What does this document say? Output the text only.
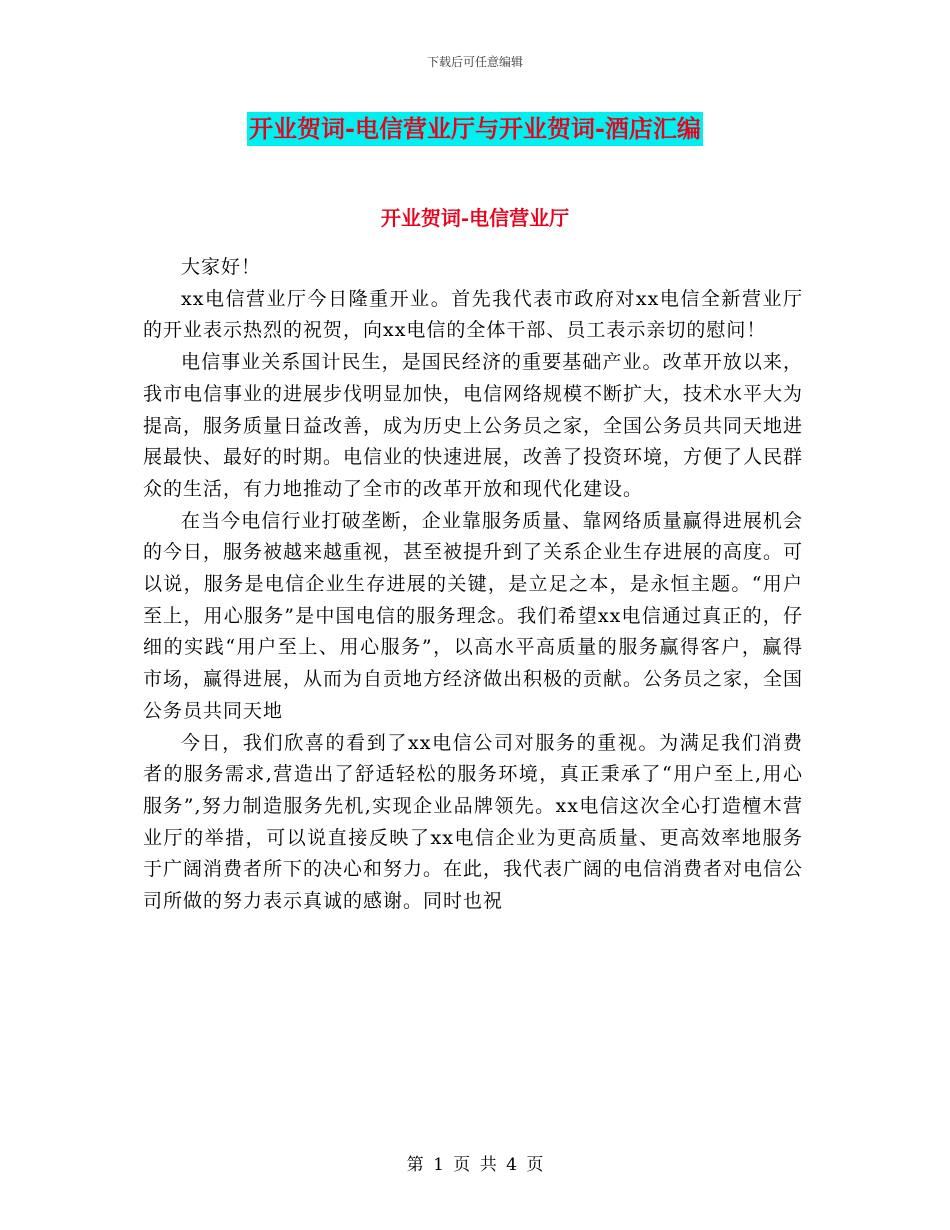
下载后可任意编辑
开业贺词-电信营业厅与开业贺词-酒店汇编
开业贺词-电信营业厅

大家好！

xx电信营业厅今日隆重开业。首先我代表市政府对xx电信全新营业厅的开业表示热烈的祝贺，向xx电信的全体干部、员工表示亲切的慰问！

电信事业关系国计民生，是国民经济的重要基础产业。改革开放以来，我市电信事业的进展步伐明显加快，电信网络规模不断扩大，技术水平大为提高，服务质量日益改善，成为历史上公务员之家，全国公务员共同天地进展最快、最好的时期。电信业的快速进展，改善了投资环境，方便了人民群众的生活，有力地推动了全市的改革开放和现代化建设。

在当今电信行业打破垄断，企业靠服务质量、靠网络质量赢得进展机会的今日，服务被越来越重视，甚至被提升到了关系企业生存进展的高度。可以说，服务是电信企业生存进展的关键，是立足之本，是永恒主题。“用户至上，用心服务”是中国电信的服务理念。我们希望xx电信通过真正的，仔细的实践“用户至上、用心服务”，以高水平高质量的服务赢得客户，赢得市场，赢得进展，从而为自贡地方经济做出积极的贡献。公务员之家，全国公务员共同天地

今日，我们欣喜的看到了xx电信公司对服务的重视。为满足我们消费者的服务需求,营造出了舒适轻松的服务环境，真正秉承了“用户至上,用心服务”,努力制造服务先机,实现企业品牌领先。xx电信这次全心打造檀木营业厅的举措，可以说直接反映了xx电信企业为更高质量、更高效率地服务于广阔消费者所下的决心和努力。在此，我代表广阔的电信消费者对电信公司所做的努力表示真诚的感谢。同时也祝

第 1 页 共 4 页
